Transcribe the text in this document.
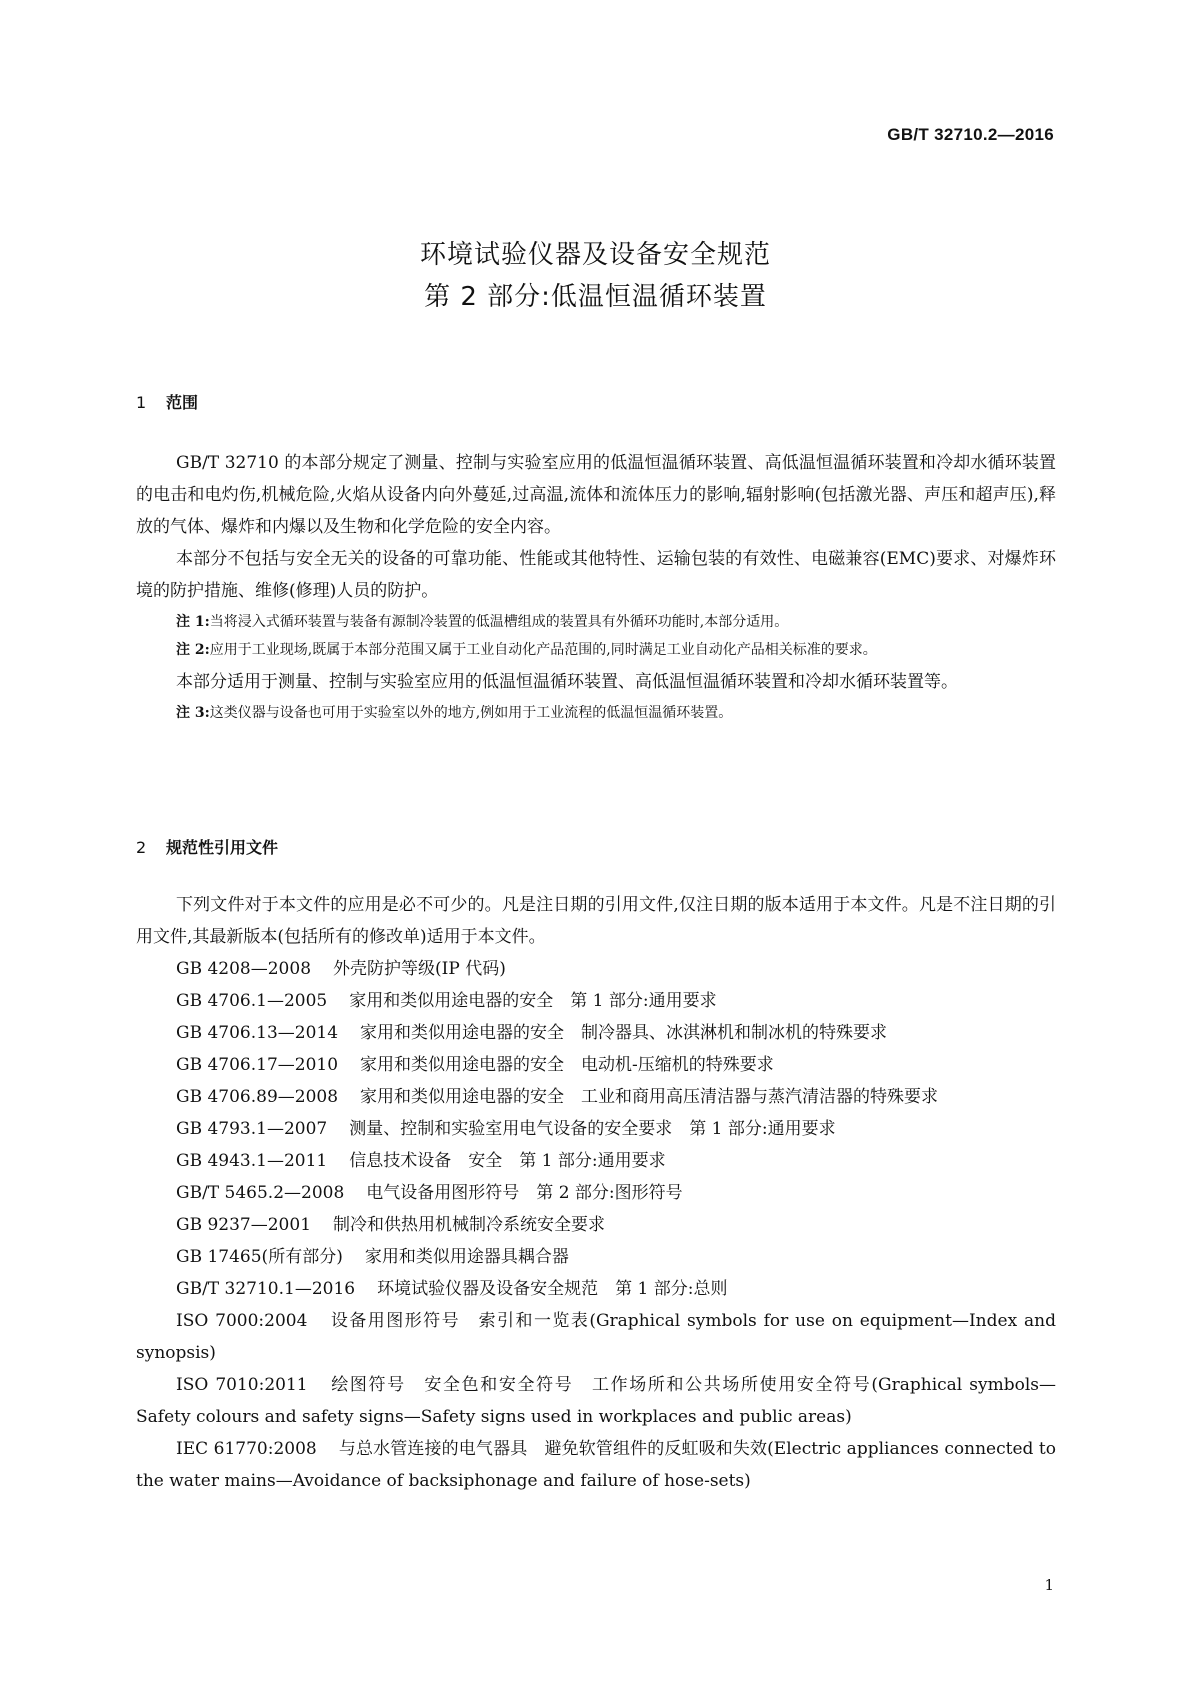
GB/T 32710.2—2016
环境试验仪器及设备安全规范
第 2 部分:低温恒温循环装置
1 范围

GB/T 32710 的本部分规定了测量、控制与实验室应用的低温恒温循环装置、高低温恒温循环装置和冷却水循环装置的电击和电灼伤,机械危险,火焰从设备内向外蔓延,过高温,流体和流体压力的影响,辐射影响(包括激光器、声压和超声压),释放的气体、爆炸和内爆以及生物和化学危险的安全内容。

本部分不包括与安全无关的设备的可靠功能、性能或其他特性、运输包装的有效性、电磁兼容(EMC)要求、对爆炸环境的防护措施、维修(修理)人员的防护。

注 1: 当将浸入式循环装置与装备有源制冷装置的低温槽组成的装置具有外循环功能时,本部分适用。
注 2: 应用于工业现场,既属于本部分范围又属于工业自动化产品范围的,同时满足工业自动化产品相关标准的要求。

本部分适用于测量、控制与实验室应用的低温恒温循环装置、高低温恒温循环装置和冷却水循环装置等。

注 3: 这类仪器与设备也可用于实验室以外的地方,例如用于工业流程的低温恒温循环装置。
2 规范性引用文件

下列文件对于本文件的应用是必不可少的。凡是注日期的引用文件,仅注日期的版本适用于本文件。凡是不注日期的引用文件,其最新版本(包括所有的修改单)适用于本文件。

GB 4208—2008 外壳防护等级(IP 代码)

GB 4706.1—2005 家用和类似用途电器的安全　第 1 部分:通用要求

GB 4706.13—2014 家用和类似用途电器的安全　制冷器具、冰淇淋机和制冰机的特殊要求

GB 4706.17—2010 家用和类似用途电器的安全　电动机-压缩机的特殊要求

GB 4706.89—2008 家用和类似用途电器的安全　工业和商用高压清洁器与蒸汽清洁器的特殊要求

GB 4793.1—2007 测量、控制和实验室用电气设备的安全要求　第 1 部分:通用要求

GB 4943.1—2011 信息技术设备　安全　第 1 部分:通用要求

GB/T 5465.2—2008 电气设备用图形符号　第 2 部分:图形符号

GB 9237—2001 制冷和供热用机械制冷系统安全要求

GB 17465(所有部分) 家用和类似用途器具耦合器

GB/T 32710.1—2016 环境试验仪器及设备安全规范　第 1 部分:总则

ISO 7000:2004 设备用图形符号　索引和一览表(Graphical symbols for use on equipment—Index and synopsis)

ISO 7010:2011 绘图符号　安全色和安全符号　工作场所和公共场所使用安全符号(Graphical symbols—Safety colours and safety signs—Safety signs used in workplaces and public areas)

IEC 61770:2008 与总水管连接的电气器具　避免软管组件的反虹吸和失效(Electric appliances connected to the water mains—Avoidance of backsiphonage and failure of hose-sets)

1
